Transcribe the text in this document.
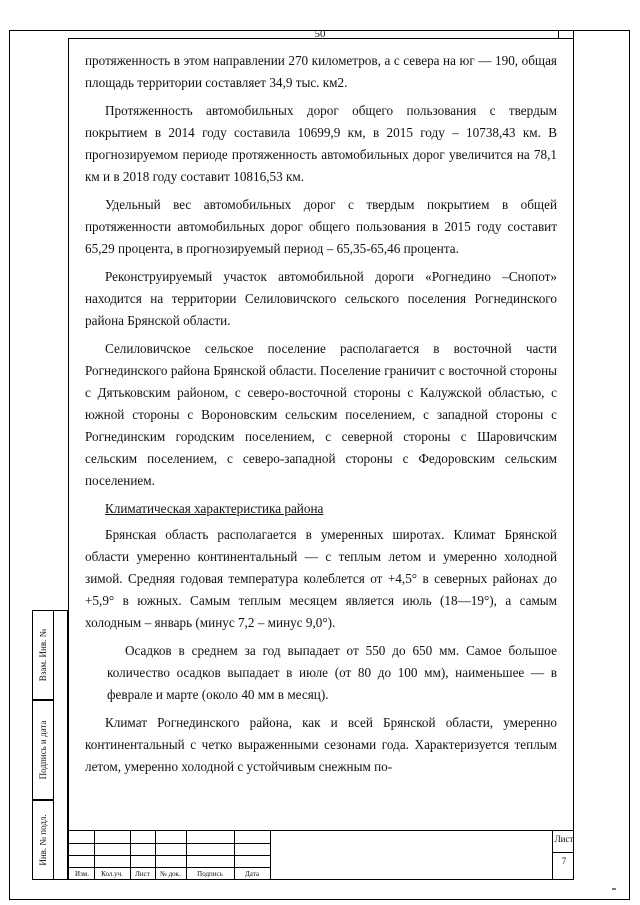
50

протяженность в этом направлении 270 километров, а с севера на юг — 190, общая площадь территории составляет 34,9 тыс. км2.

Протяженность автомобильных дорог общего пользования с твердым покрытием в 2014 году составила 10699,9 км, в 2015 году – 10738,43 км. В прогнозируемом периоде протяженность автомобильных дорог увеличится на 78,1 км и в 2018 году составит 10816,53 км.

Удельный вес автомобильных дорог с твердым покрытием в общей протяженности автомобильных дорог общего пользования в 2015 году составит 65,29 процента, в прогнозируемый период – 65,35-65,46 процента.

Реконструируемый участок автомобильной дороги «Рогнедино –Снопот» находится на территории Селиловичского сельского поселения Рогнединского района Брянской области.

Селиловичское сельское поселение располагается в восточной части Рогнединского района Брянской области. Поселение граничит с восточной стороны с Дятьковским районом, с северо-восточной стороны с Калужской областью, с южной стороны с Вороновским сельским поселением, с западной стороны с Рогнединским городским поселением, с северной стороны с Шаровичским сельским поселением, с северо-западной стороны с Федоровским сельским поселением.

Климатическая характеристика района

Брянская область располагается в умеренных широтах. Климат Брянской области умеренно континентальный — с теплым летом и умеренно холодной зимой. Средняя годовая температура колеблется от +4,5° в северных районах до +5,9° в южных. Самым теплым месяцем является июль (18—19°), а самым холодным – январь (минус 7,2 – минус 9,0°).

Осадков в среднем за год выпадает от 550 до 650 мм. Самое большое количество осадков выпадает в июле (от 80 до 100 мм), наименьшее — в феврале и марте (около 40 мм в месяц).

Климат Рогнединского района, как и всей Брянской области, умеренно континентальный с четко выраженными сезонами года. Характеризуется теплым летом, умеренно холодной с устойчивым снежным по-

Взам. Инв. №
Подпись и дата
Инв. № подл.
Изм.	Кол.уч.	Лист	№ док.	Подпись	Дата
Лист
7
